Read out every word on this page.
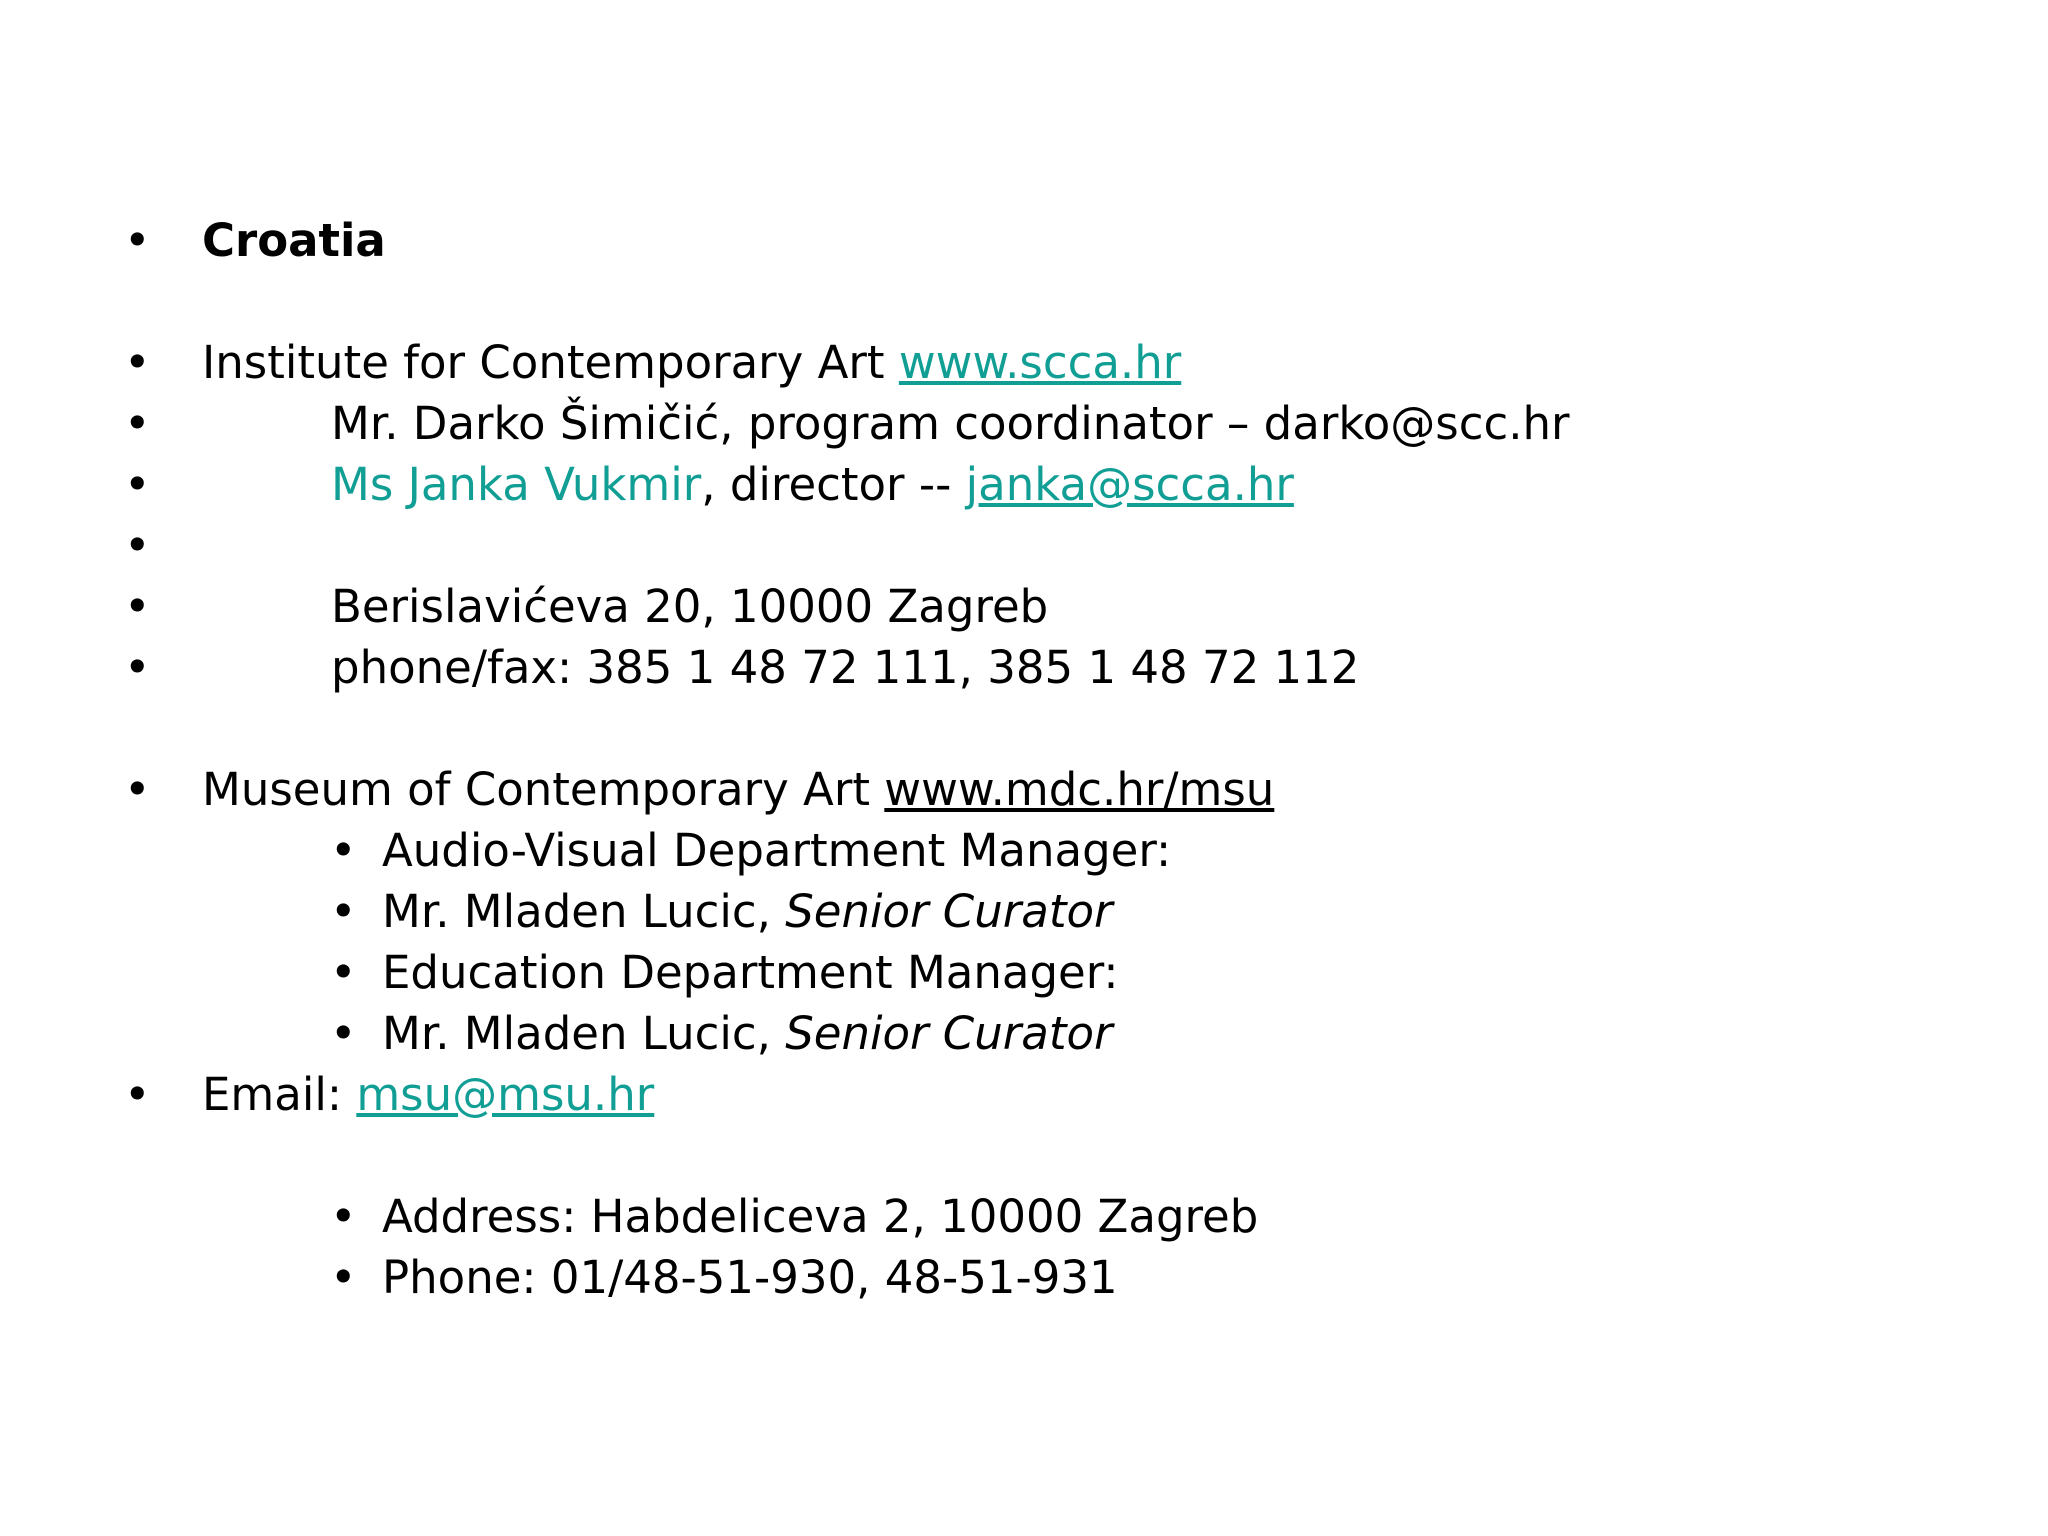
• Croatia
• Institute for Contemporary Art www.scca.hr
•	Mr. Darko Šimičić, program coordinator – darko@scc.hr
•	Ms Janka Vukmir, director -- janka@scca.hr
•
•	Berislavićeva 20, 10000 Zagreb
•	phone/fax: 385 1 48 72 111, 385 1 48 72 112
• Museum of Contemporary Art www.mdc.hr/msu
• Audio-Visual Department Manager:
• Mr. Mladen Lucic, Senior Curator
• Education Department Manager:
• Mr. Mladen Lucic, Senior Curator
• Email: msu@msu.hr
• Address: Habdeliceva 2, 10000 Zagreb
• Phone: 01/48-51-930, 48-51-931
